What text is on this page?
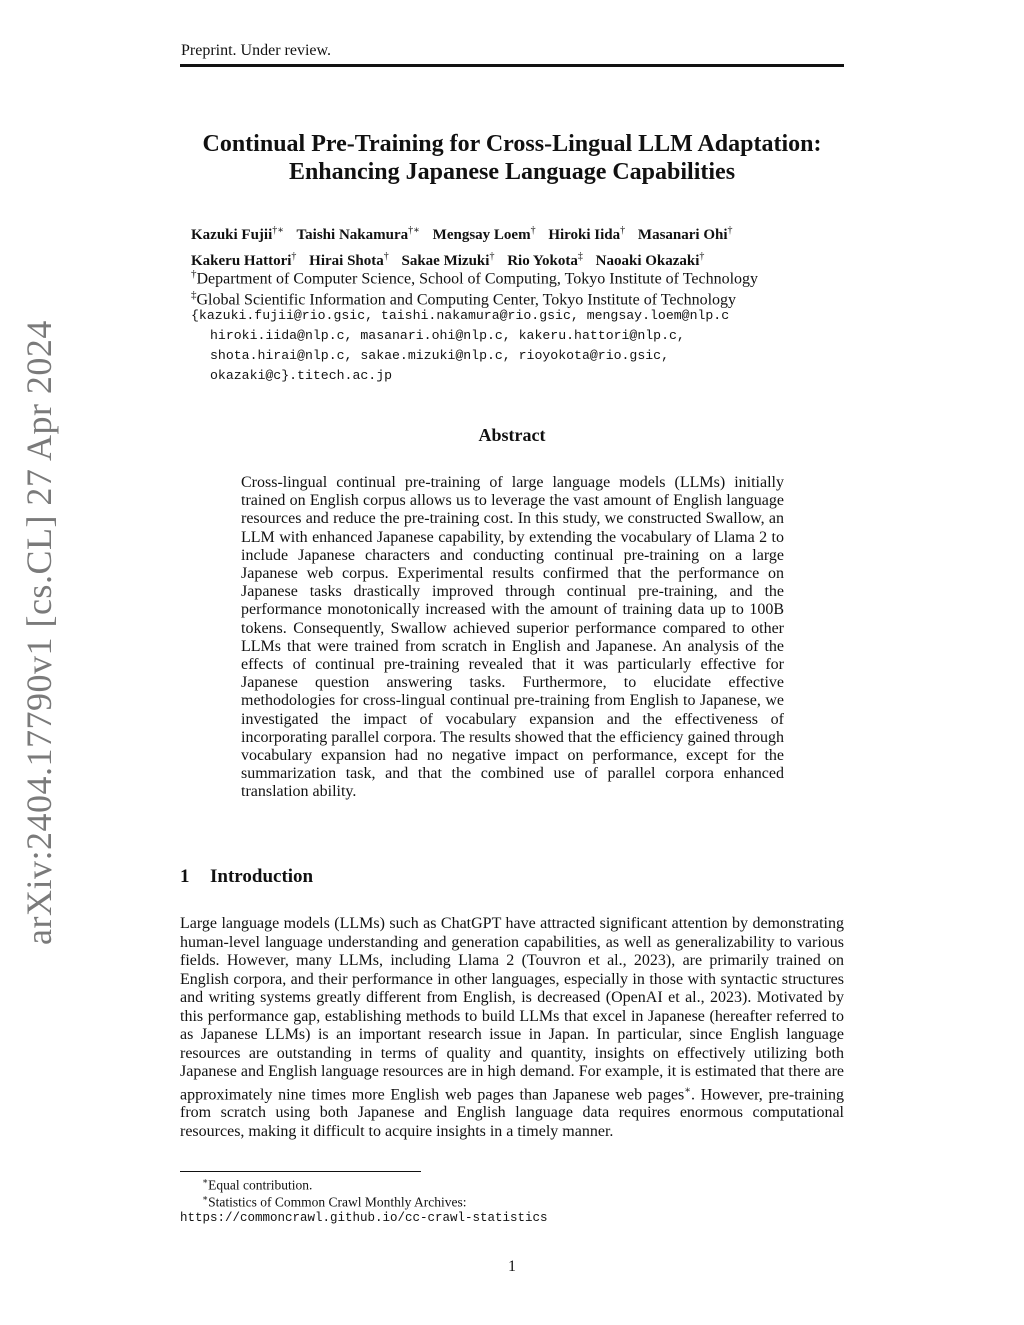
Preprint. Under review.
arXiv:2404.17790v1 [cs.CL] 27 Apr 2024
Continual Pre-Training for Cross-Lingual LLM Adaptation:
Enhancing Japanese Language Capabilities
Kazuki Fujii†∗ Taishi Nakamura†∗ Mengsay Loem† Hiroki Iida† Masanari Ohi†
Kakeru Hattori† Hirai Shota† Sakae Mizuki† Rio Yokota‡ Naoaki Okazaki†
†Department of Computer Science, School of Computing, Tokyo Institute of Technology
‡Global Scientific Information and Computing Center, Tokyo Institute of Technology
{kazuki.fujii@rio.gsic, taishi.nakamura@rio.gsic, mengsay.loem@nlp.c
hiroki.iida@nlp.c, masanari.ohi@nlp.c, kakeru.hattori@nlp.c,
shota.hirai@nlp.c, sakae.mizuki@nlp.c, rioyokota@rio.gsic,
okazaki@c}.titech.ac.jp
Abstract
Cross-lingual continual pre-training of large language models (LLMs) initially trained on English corpus allows us to leverage the vast amount of English language resources and reduce the pre-training cost. In this study, we constructed Swallow, an LLM with enhanced Japanese capability, by extending the vocabulary of Llama 2 to include Japanese characters and conducting continual pre-training on a large Japanese web corpus. Experimental results confirmed that the performance on Japanese tasks drastically improved through continual pre-training, and the performance monotonically increased with the amount of training data up to 100B tokens. Consequently, Swallow achieved superior performance compared to other LLMs that were trained from scratch in English and Japanese. An analysis of the effects of continual pre-training revealed that it was particularly effective for Japanese question answering tasks. Furthermore, to elucidate effective methodologies for cross-lingual continual pre-training from English to Japanese, we investigated the impact of vocabulary expansion and the effectiveness of incorporating parallel corpora. The results showed that the efficiency gained through vocabulary expansion had no negative impact on performance, except for the summarization task, and that the combined use of parallel corpora enhanced translation ability.
1 Introduction
Large language models (LLMs) such as ChatGPT have attracted significant attention by demonstrating human-level language understanding and generation capabilities, as well as generalizability to various fields. However, many LLMs, including Llama 2 (Touvron et al., 2023), are primarily trained on English corpora, and their performance in other languages, especially in those with syntactic structures and writing systems greatly different from English, is decreased (OpenAI et al., 2023). Motivated by this performance gap, establishing methods to build LLMs that excel in Japanese (hereafter referred to as Japanese LLMs) is an important research issue in Japan. In particular, since English language resources are outstanding in terms of quality and quantity, insights on effectively utilizing both Japanese and English language resources are in high demand. For example, it is estimated that there are approximately nine times more English web pages than Japanese web pages∗. However, pre-training from scratch using both Japanese and English language data requires enormous computational resources, making it difficult to acquire insights in a timely manner.
∗Equal contribution.
∗Statistics of Common Crawl Monthly Archives:
https://commoncrawl.github.io/cc-crawl-statistics
1
